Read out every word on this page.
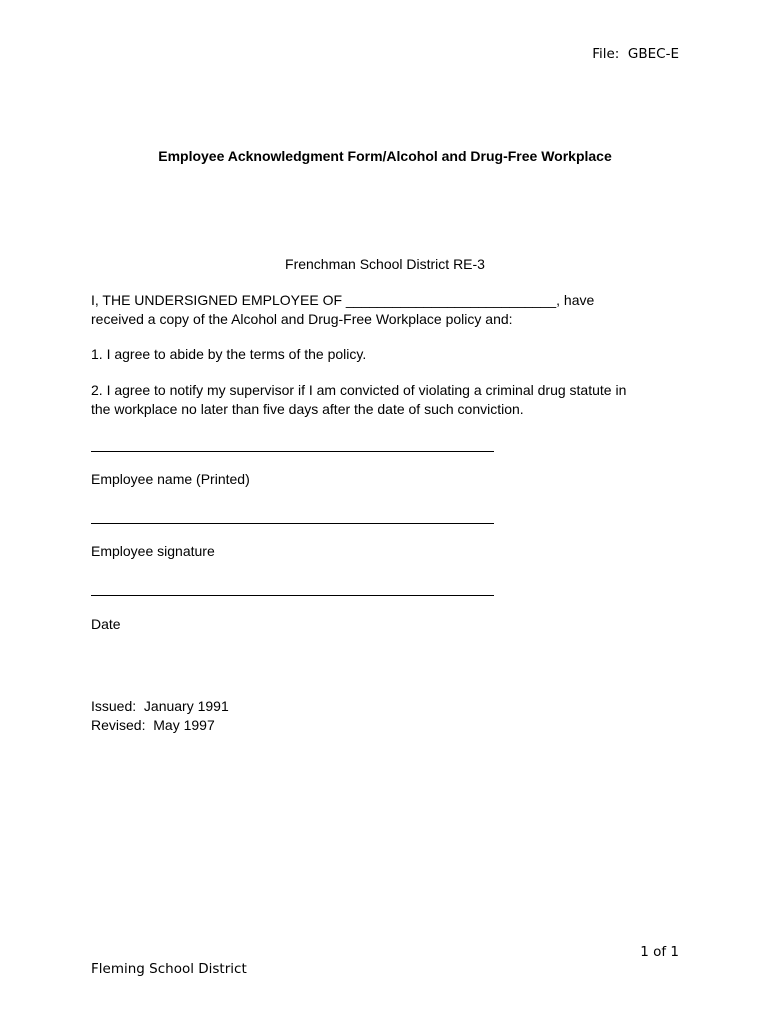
File:  GBEC-E
Employee Acknowledgment Form/Alcohol and Drug-Free Workplace
Frenchman School District RE-3
I, THE UNDERSIGNED EMPLOYEE OF ___________________________, have
received a copy of the Alcohol and Drug-Free Workplace policy and:
1. I agree to abide by the terms of the policy.
2. I agree to notify my supervisor if I am convicted of violating a criminal drug statute in
the workplace no later than five days after the date of such conviction.
Employee name (Printed)
Employee signature
Date
Issued:  January 1991
Revised:  May 1997
1 of 1
Fleming School District
